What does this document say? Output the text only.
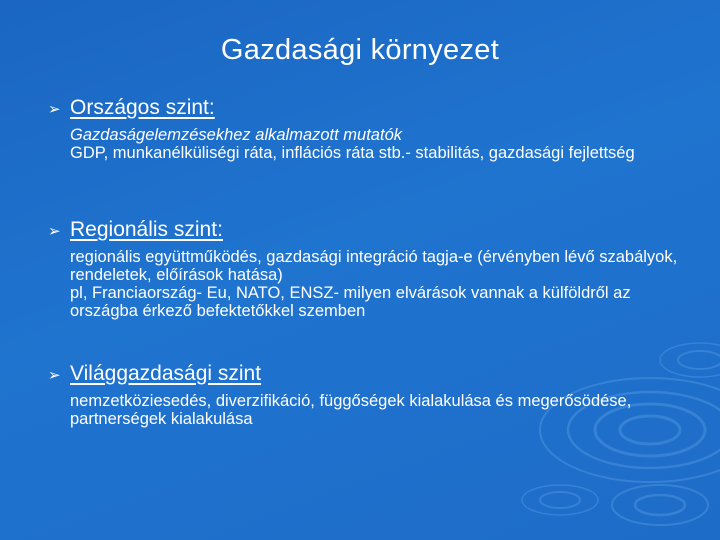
Gazdasági környezet
➢ Országos szint:

Gazdaságelemzésekhez alkalmazott mutatók

GDP, munkanélküliségi ráta, inflációs ráta stb.- stabilitás, gazdasági fejlettség

➢ Regionális szint:

regionális együttműködés, gazdasági integráció tagja-e (érvényben lévő szabályok, rendeletek, előírások hatása)

pl, Franciaország- Eu, NATO, ENSZ- milyen elvárások vannak a külföldről az országba érkező befektetőkkel szemben

➢ Világgazdasági szint

nemzetköziesedés, diverzifikáció, függőségek kialakulása és megerősödése, partnerségek kialakulása
